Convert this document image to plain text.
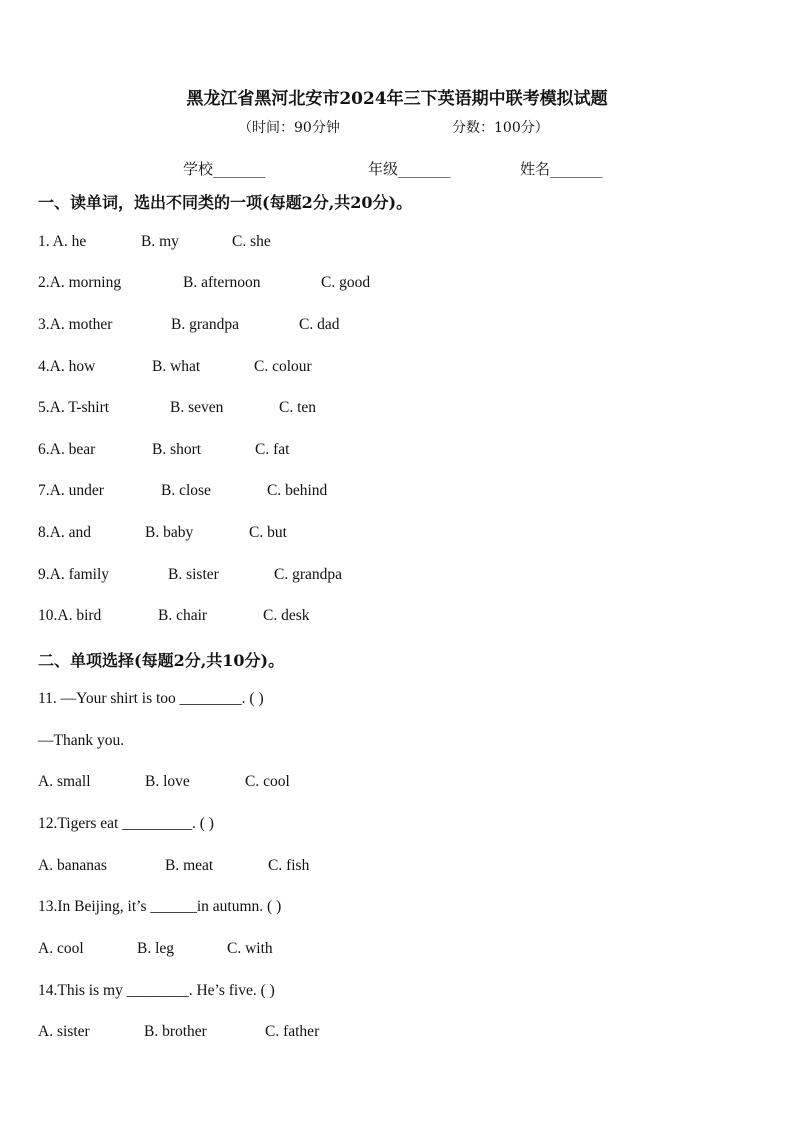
黑龙江省黑河北安市2024年三下英语期中联考模拟试题
（时间：90分钟	分数：100分）
学校_______	年级_______	姓名_______
一、读单词，选出不同类的一项(每题2分,共20分)。
1. A. he	B. my	C. she
2.A. morning	B. afternoon	C. good
3.A. mother	B. grandpa	C. dad
4.A. how	B. what	C. colour
5.A. T-shirt	B. seven	C. ten
6.A. bear	B. short	C. fat
7.A. under	B. close	C. behind
8.A. and	B. baby	C. but
9.A. family	B. sister	C. grandpa
10.A. bird	B. chair	C. desk
二、单项选择(每题2分,共10分)。
11. —Your shirt is too ________. ( )
—Thank you.
A. small	B. love	C. cool
12.Tigers eat _________. ( )
A. bananas	B. meat	C. fish
13.In Beijing, it’s ______in autumn. ( )
A. cool	B. leg	C. with
14.This is my ________. He’s five. ( )
A. sister	B. brother	C. father
